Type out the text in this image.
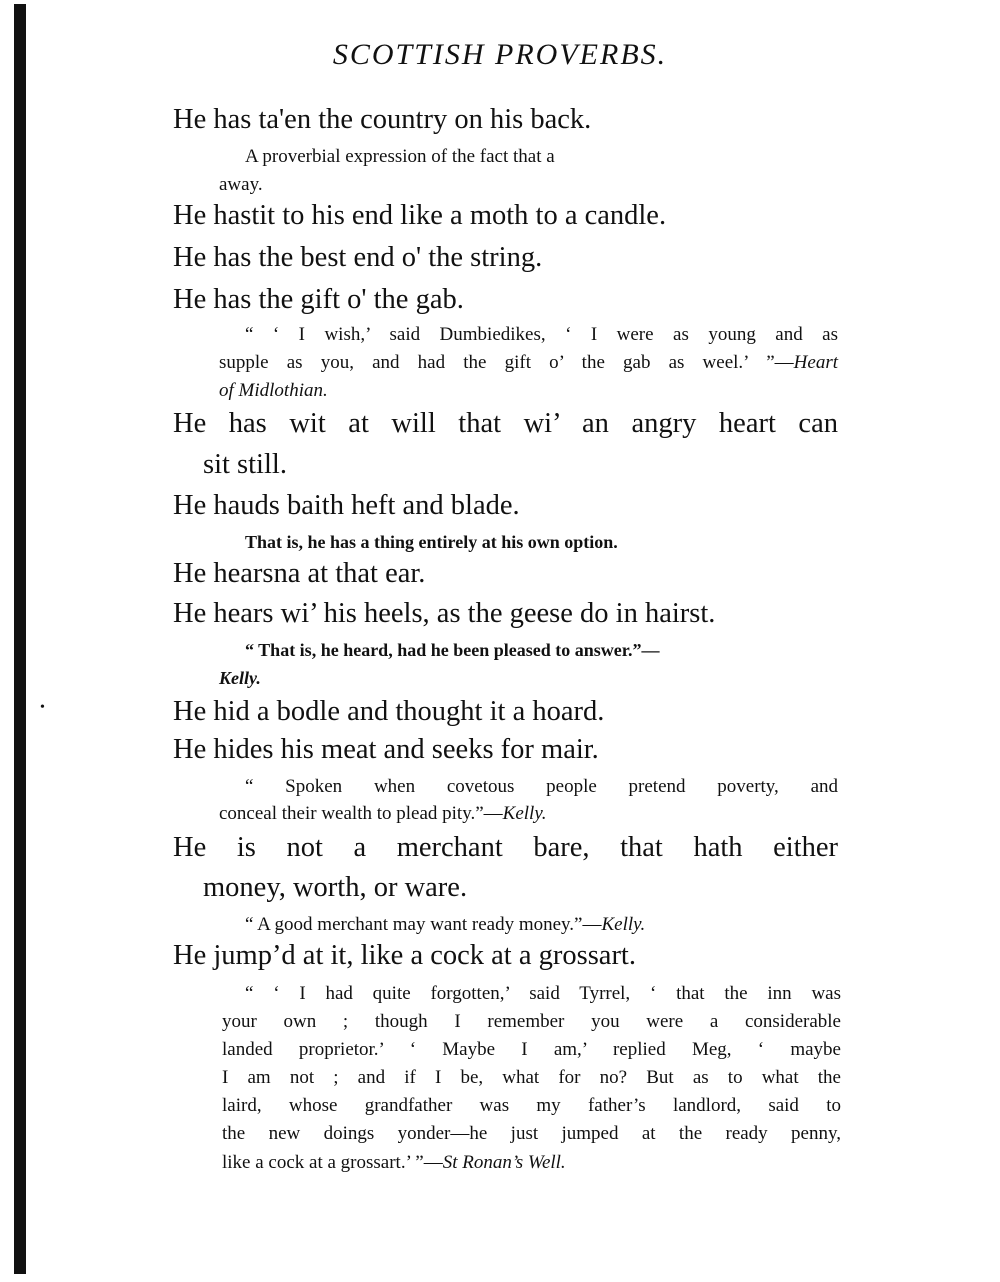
SCOTTISH PROVERBS.

He has ta'en the country on his back.

A proverbial expression of the fact that a

away.

He hastit to his end like a moth to a candle.

He has the best end o' the string.

He has the gift o' the gab.

“ ‘ I wish,’ said Dumbiedikes, ‘ I were as young and as

supple as you, and had the gift o’ the gab as weel.’ ”—Heart

of Midlothian.

He has wit at will that wi’ an angry heart can

sit still.

He hauds baith heft and blade.

That is, he has a thing entirely at his own option.

He hearsna at that ear.

He hears wi’ his heels, as the geese do in hairst.

“ That is, he heard, had he been pleased to answer.”—

Kelly.

He hid a bodle and thought it a hoard.

He hides his meat and seeks for mair.

“ Spoken when covetous people pretend poverty, and

conceal their wealth to plead pity.”—Kelly.

He is not a merchant bare, that hath either

money, worth, or ware.

“ A good merchant may want ready money.”—Kelly.

He jump’d at it, like a cock at a grossart.

“ ‘ I had quite forgotten,’ said Tyrrel, ‘ that the inn was

your own ; though I remember you were a considerable

landed proprietor.’ ‘ Maybe I am,’ replied Meg, ‘ maybe

I am not ; and if I be, what for no? But as to what the

laird, whose grandfather was my father’s landlord, said to

the new doings yonder—he just jumped at the ready penny,

like a cock at a grossart.’ ”—St Ronan’s Well.

•
